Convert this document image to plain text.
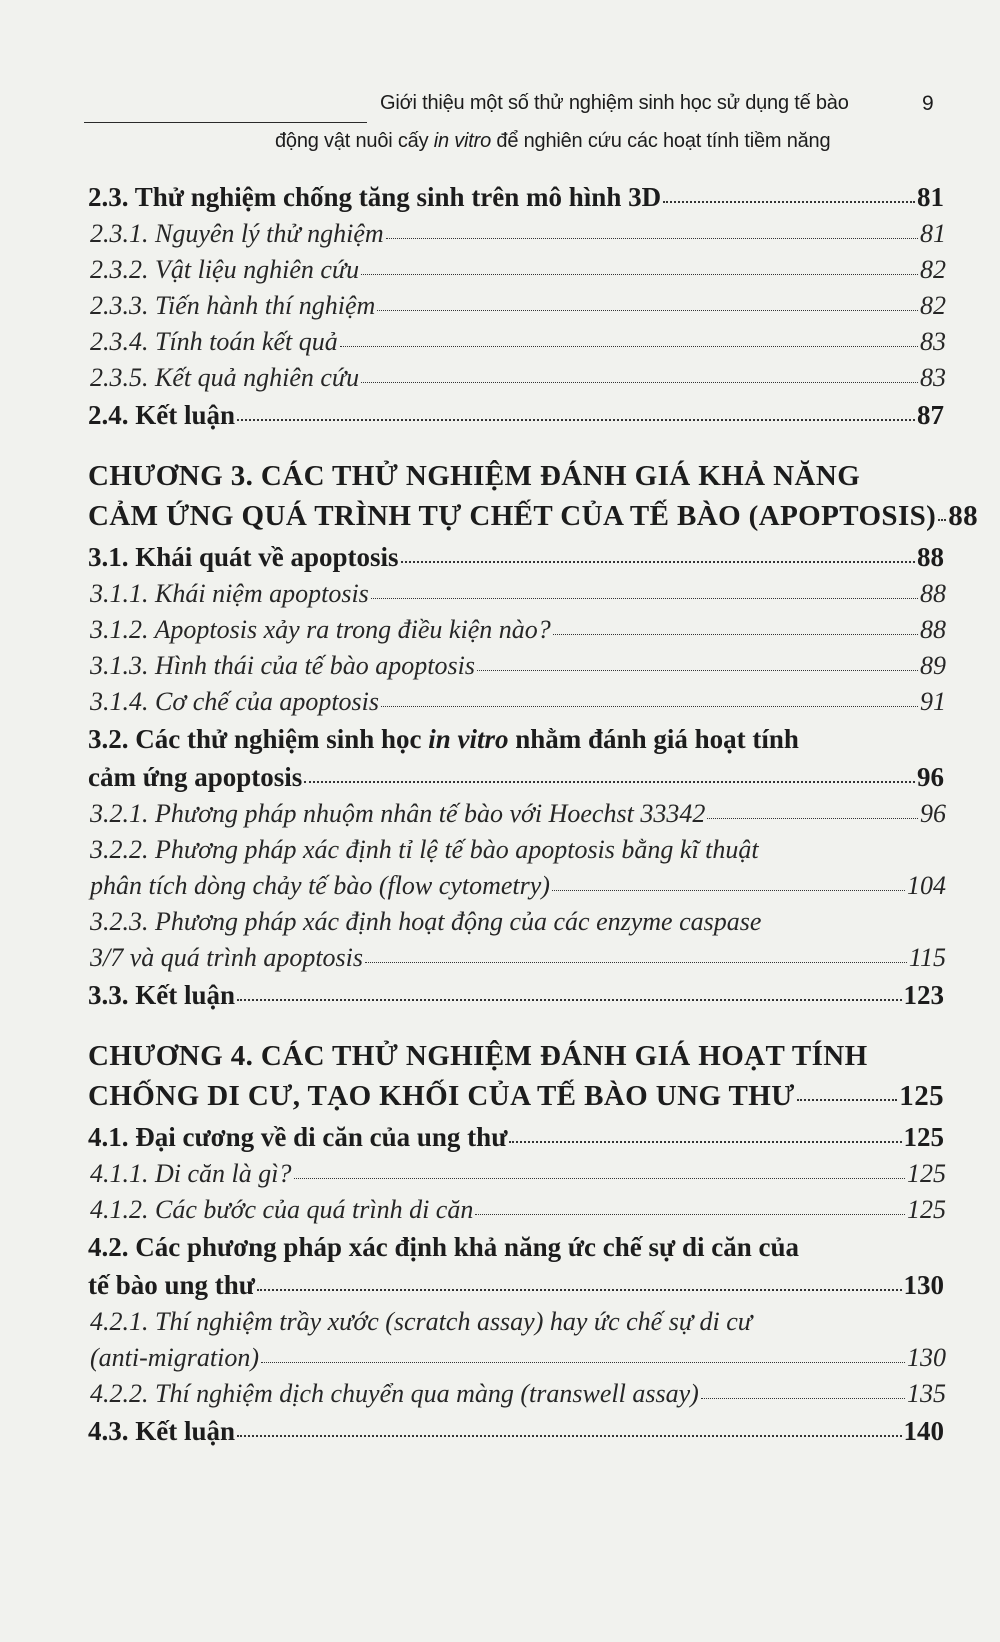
Giới thiệu một số thử nghiệm sinh học sử dụng tế bào	9
động vật nuôi cấy in vitro để nghiên cứu các hoạt tính tiềm năng
2.3. Thử nghiệm chống tăng sinh trên mô hình 3D	81
2.3.1. Nguyên lý thử nghiệm	81
2.3.2. Vật liệu nghiên cứu	82
2.3.3. Tiến hành thí nghiệm	82
2.3.4. Tính toán kết quả	83
2.3.5. Kết quả nghiên cứu	83
2.4. Kết luận	87
CHƯƠNG 3. CÁC THỬ NGHIỆM ĐÁNH GIÁ KHẢ NĂNG
CẢM ỨNG QUÁ TRÌNH TỰ CHẾT CỦA TẾ BÀO (APOPTOSIS) 88
3.1. Khái quát về apoptosis	88
3.1.1. Khái niệm apoptosis	88
3.1.2. Apoptosis xảy ra trong điều kiện nào?	88
3.1.3. Hình thái của tế bào apoptosis	89
3.1.4. Cơ chế của apoptosis	91
3.2. Các thử nghiệm sinh học in vitro nhằm đánh giá hoạt tính
cảm ứng apoptosis	96
3.2.1. Phương pháp nhuộm nhân tế bào với Hoechst 33342	96
3.2.2. Phương pháp xác định tỉ lệ tế bào apoptosis bằng kĩ thuật
phân tích dòng chảy tế bào (flow cytometry)	104
3.2.3. Phương pháp xác định hoạt động của các enzyme caspase
3/7 và quá trình apoptosis	115
3.3. Kết luận	123
CHƯƠNG 4. CÁC THỬ NGHIỆM ĐÁNH GIÁ HOẠT TÍNH
CHỐNG DI CƯ, TẠO KHỐI CỦA TẾ BÀO UNG THƯ	125
4.1. Đại cương về di căn của ung thư	125
4.1.1. Di căn là gì?	125
4.1.2. Các bước của quá trình di căn	125
4.2. Các phương pháp xác định khả năng ức chế sự di căn của
tế bào ung thư	130
4.2.1. Thí nghiệm trầy xước (scratch assay) hay ức chế sự di cư
(anti-migration)	130
4.2.2. Thí nghiệm dịch chuyển qua màng (transwell assay)	135
4.3. Kết luận	140
